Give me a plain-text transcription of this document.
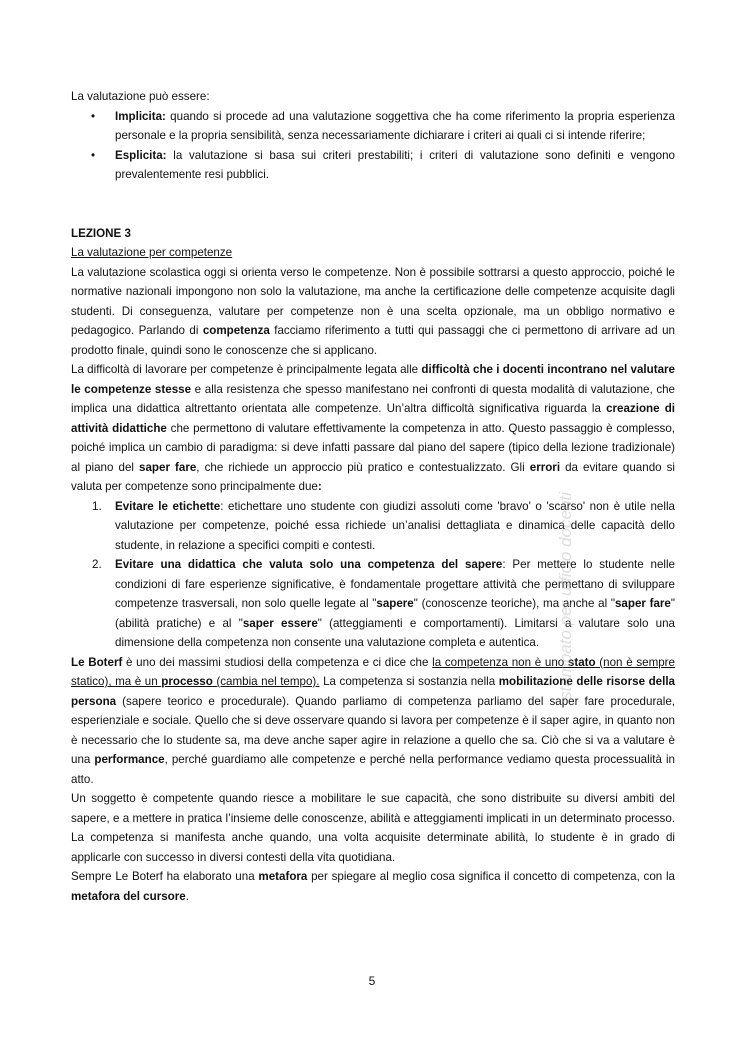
La valutazione può essere:

• Implicita: quando si procede ad una valutazione soggettiva che ha come riferimento la propria esperienza personale e la propria sensibilità, senza necessariamente dichiarare i criteri ai quali ci si intende riferire;
• Esplicita: la valutazione si basa sui criteri prestabiliti; i criteri di valutazione sono definiti e vengono prevalentemente resi pubblici.

LEZIONE 3

La valutazione per competenze

La valutazione scolastica oggi si orienta verso le competenze. Non è possibile sottrarsi a questo approccio, poiché le normative nazionali impongono non solo la valutazione, ma anche la certificazione delle competenze acquisite dagli studenti. Di conseguenza, valutare per competenze non è una scelta opzionale, ma un obbligo normativo e pedagogico. Parlando di competenza facciamo riferimento a tutti qui passaggi che ci permettono di arrivare ad un prodotto finale, quindi sono le conoscenze che si applicano.

La difficoltà di lavorare per competenze è principalmente legata alle difficoltà che i docenti incontrano nel valutare le competenze stesse e alla resistenza che spesso manifestano nei confronti di questa modalità di valutazione, che implica una didattica altrettanto orientata alle competenze. Un’altra difficoltà significativa riguarda la creazione di attività didattiche che permettono di valutare effettivamente la competenza in atto. Questo passaggio è complesso, poiché implica un cambio di paradigma: si deve infatti passare dal piano del sapere (tipico della lezione tradizionale) al piano del saper fare, che richiede un approccio più pratico e contestualizzato. Gli errori da evitare quando si valuta per competenze sono principalmente due:

1. Evitare le etichette: etichettare uno studente con giudizi assoluti come 'bravo' o 'scarso' non è utile nella valutazione per competenze, poiché essa richiede un’analisi dettagliata e dinamica delle capacità dello studente, in relazione a specifici compiti e contesti.
2. Evitare una didattica che valuta solo una competenza del sapere: Per mettere lo studente nelle condizioni di fare esperienze significative, è fondamentale progettare attività che permettano di sviluppare competenze trasversali, non solo quelle legate al "sapere" (conoscenze teoriche), ma anche al "saper fare" (abilità pratiche) e al "saper essere" (atteggiamenti e comportamenti). Limitarsi a valutare solo una dimensione della competenza non consente una valutazione completa e autentica.

Le Boterf è uno dei massimi studiosi della competenza e ci dice che la competenza non è uno stato (non è sempre statico), ma è un processo (cambia nel tempo). La competenza si sostanzia nella mobilitazione delle risorse della persona (sapere teorico e procedurale). Quando parliamo di competenza parliamo del saper fare procedurale, esperienziale e sociale. Quello che si deve osservare quando si lavora per competenze è il saper agire, in quanto non è necessario che lo studente sa, ma deve anche saper agire in relazione a quello che sa. Ciò che si va a valutare è una performance, perché guardiamo alle competenze e perché nella performance vediamo questa processualità in atto.

Un soggetto è competente quando riesce a mobilitare le sue capacità, che sono distribuite su diversi ambiti del sapere, e a mettere in pratica l’insieme delle conoscenze, abilità e atteggiamenti implicati in un determinato processo. La competenza si manifesta anche quando, una volta acquisite determinate abilità, lo studente è in grado di applicarle con successo in diversi contesti della vita quotidiana.

Sempre Le Boterf ha elaborato una metafora per spiegare al meglio cosa significa il concetto di competenza, con la metafora del cursore.

stampato per ufficio docenti
5
